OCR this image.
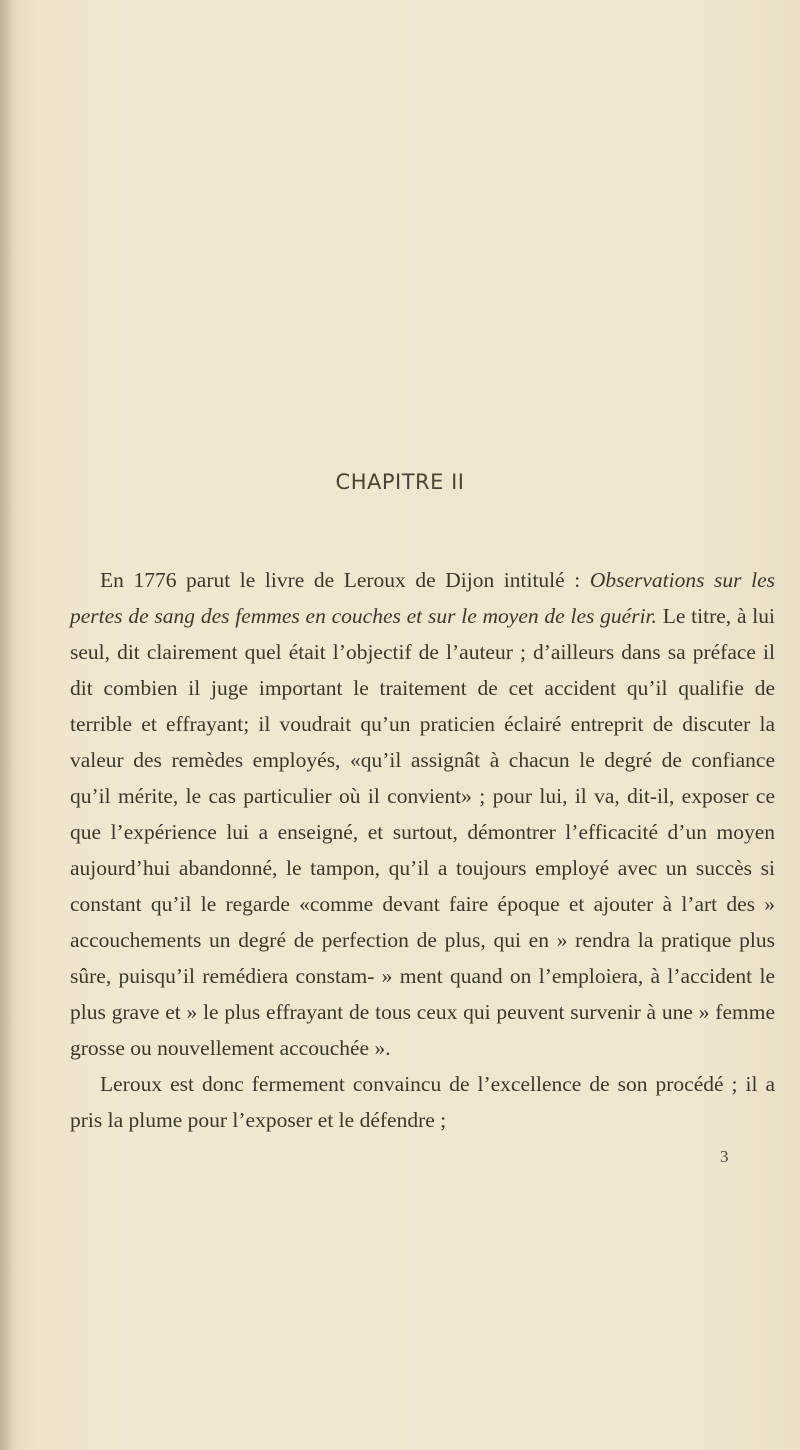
CHAPITRE II

En 1776 parut le livre de Leroux de Dijon intitulé : Observations sur les pertes de sang des femmes en couches et sur le moyen de les guérir. Le titre, à lui seul, dit clairement quel était l’objectif de l’auteur ; d’ailleurs dans sa préface il dit combien il juge important le traitement de cet accident qu’il qualifie de terrible et effrayant; il voudrait qu’un praticien éclairé entreprit de discuter la valeur des remèdes employés, «qu’il assignât à chacun le degré de confiance qu’il mérite, le cas particulier où il convient» ; pour lui, il va, dit-il, exposer ce que l’expérience lui a enseigné, et surtout, démontrer l’efficacité d’un moyen aujourd’hui abandonné, le tampon, qu’il a toujours employé avec un succès si constant qu’il le regarde «comme devant faire époque et ajouter à l’art des » accouchements un degré de perfection de plus, qui en » rendra la pratique plus sûre, puisqu’il remédiera constam- » ment quand on l’emploiera, à l’accident le plus grave et » le plus effrayant de tous ceux qui peuvent survenir à une » femme grosse ou nouvellement accouchée ».

Leroux est donc fermement convaincu de l’excellence de son procédé ; il a pris la plume pour l’exposer et le défendre ;

3
